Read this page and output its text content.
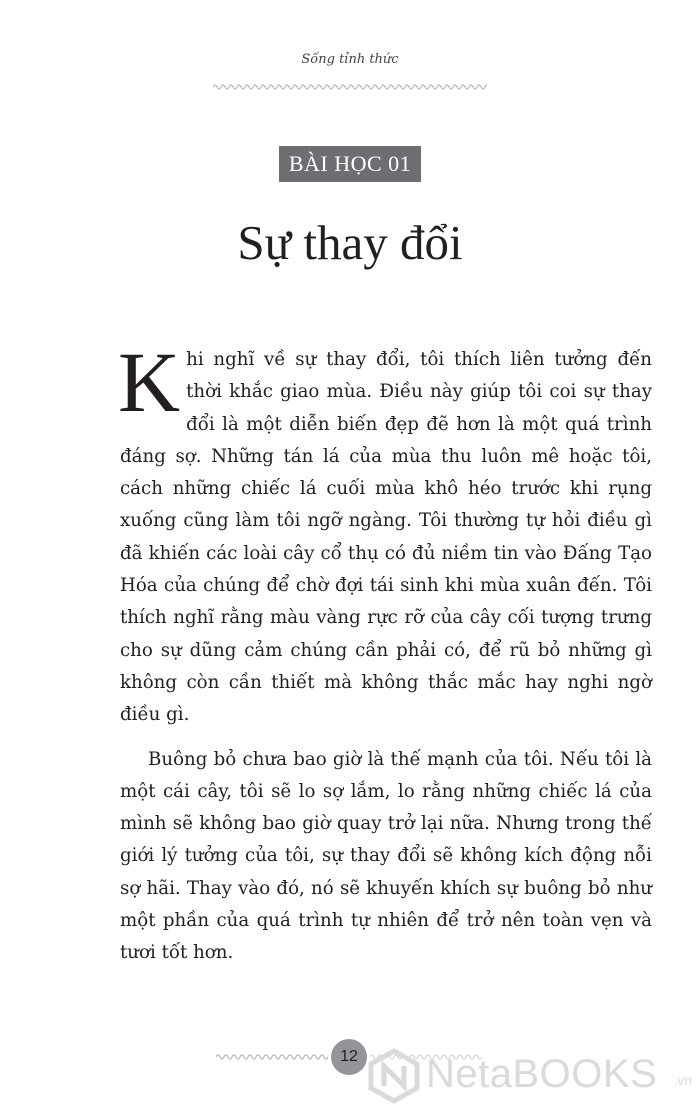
Sống tỉnh thức
BÀI HỌC 01
Sự thay đổi

Khi nghĩ về sự thay đổi, tôi thích liên tưởng đến thời khắc giao mùa. Điều này giúp tôi coi sự thay đổi là một diễn biến đẹp đẽ hơn là một quá trình đáng sợ. Những tán lá của mùa thu luôn mê hoặc tôi, cách những chiếc lá cuối mùa khô héo trước khi rụng xuống cũng làm tôi ngỡ ngàng. Tôi thường tự hỏi điều gì đã khiến các loài cây cổ thụ có đủ niềm tin vào Đấng Tạo Hóa của chúng để chờ đợi tái sinh khi mùa xuân đến. Tôi thích nghĩ rằng màu vàng rực rỡ của cây cối tượng trưng cho sự dũng cảm chúng cần phải có, để rũ bỏ những gì không còn cần thiết mà không thắc mắc hay nghi ngờ điều gì.

Buông bỏ chưa bao giờ là thế mạnh của tôi. Nếu tôi là một cái cây, tôi sẽ lo sợ lắm, lo rằng những chiếc lá của mình sẽ không bao giờ quay trở lại nữa. Nhưng trong thế giới lý tưởng của tôi, sự thay đổi sẽ không kích động nỗi sợ hãi. Thay vào đó, nó sẽ khuyến khích sự buông bỏ như một phần của quá trình tự nhiên để trở nên toàn vẹn và tươi tốt hơn.

12 NetaBOOKS .vn
